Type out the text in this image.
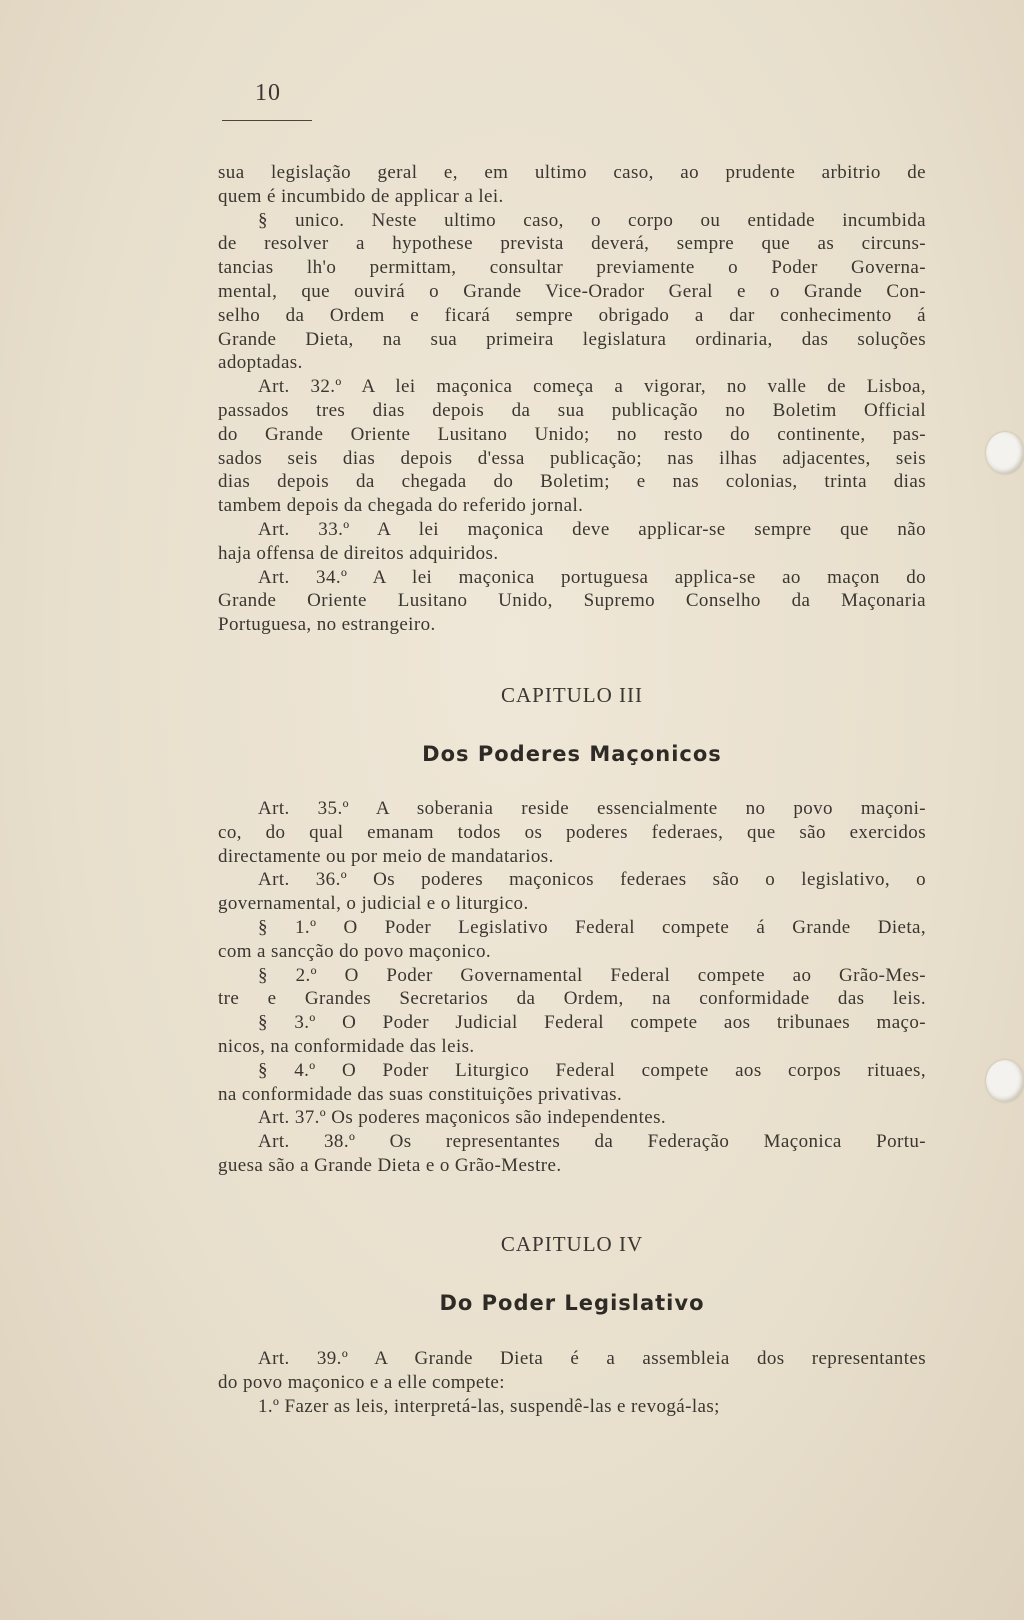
10
sua legislação geral e, em ultimo caso, ao prudente arbitrio de
quem é incumbido de applicar a lei.
§ unico. Neste ultimo caso, o corpo ou entidade incumbida
de resolver a hypothese prevista deverá, sempre que as circuns-
tancias lh'o permittam, consultar previamente o Poder Governa-
mental, que ouvirá o Grande Vice-Orador Geral e o Grande Con-
selho da Ordem e ficará sempre obrigado a dar conhecimento á
Grande Dieta, na sua primeira legislatura ordinaria, das soluções
adoptadas.
Art. 32.º A lei maçonica começa a vigorar, no valle de Lisboa,
passados tres dias depois da sua publicação no Boletim Official
do Grande Oriente Lusitano Unido; no resto do continente, pas-
sados seis dias depois d'essa publicação; nas ilhas adjacentes, seis
dias depois da chegada do Boletim; e nas colonias, trinta dias
tambem depois da chegada do referido jornal.
Art. 33.º A lei maçonica deve applicar-se sempre que não
haja offensa de direitos adquiridos.
Art. 34.º A lei maçonica portuguesa applica-se ao maçon do
Grande Oriente Lusitano Unido, Supremo Conselho da Maçonaria
Portuguesa, no estrangeiro.
CAPITULO III
Dos Poderes Maçonicos
Art. 35.º A soberania reside essencialmente no povo maçoni-
co, do qual emanam todos os poderes federaes, que são exercidos
directamente ou por meio de mandatarios.
Art. 36.º Os poderes maçonicos federaes são o legislativo, o
governamental, o judicial e o liturgico.
§ 1.º O Poder Legislativo Federal compete á Grande Dieta,
com a sancção do povo maçonico.
§ 2.º O Poder Governamental Federal compete ao Grão-Mes-
tre e Grandes Secretarios da Ordem, na conformidade das leis.
§ 3.º O Poder Judicial Federal compete aos tribunaes maço-
nicos, na conformidade das leis.
§ 4.º O Poder Liturgico Federal compete aos corpos rituaes,
na conformidade das suas constituições privativas.
Art. 37.º Os poderes maçonicos são independentes.
Art. 38.º Os representantes da Federação Maçonica Portu-
guesa são a Grande Dieta e o Grão-Mestre.
CAPITULO IV
Do Poder Legislativo
Art. 39.º A Grande Dieta é a assembleia dos representantes
do povo maçonico e a elle compete:
1.º Fazer as leis, interpretá-las, suspendê-las e revogá-las;
